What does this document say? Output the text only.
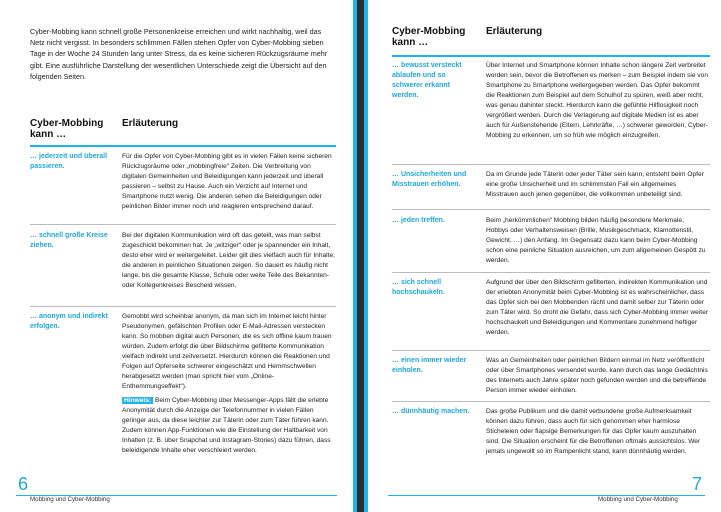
Cyber-Mobbing kann schnell große Personenkreise erreichen und wirkt nachhaltig, weil das Netz nicht vergisst. In besonders schlimmen Fällen stehen Opfer von Cyber-Mobbing sieben Tage in der Woche 24 Stunden lang unter Stress, da es keine sicheren Rückzugsräume mehr gibt. Eine ausführliche Darstellung der wesentlichen Unterschiede zeigt die Übersicht auf den folgenden Seiten.

Cyber-Mobbing kann …
Erläuterung
… jederzeit und überall passieren.
Für die Opfer von Cyber-Mobbing gibt es in vielen Fällen keine sicheren Rückzugsräume oder „mobbingfreie“ Zeiten. Die Verbreitung von digitalen Gemeinheiten und Beleidigungen kann jederzeit und überall passieren – selbst zu Hause. Auch ein Verzicht auf Internet und Smartphone nutzt wenig. Die anderen sehen die Beleidigungen oder peinlichen Bilder immer noch und reagieren entsprechend darauf.
… schnell große Kreise ziehen.
Bei der digitalen Kommunikation wird oft das geteilt, was man selbst zugeschickt bekommen hat. Je „witziger“ oder je spannender ein Inhalt, desto eher wird er weitergeleitet. Leider gilt dies vielfach auch für Inhalte, die anderen in peinlichen Situationen zeigen. So dauert es häufig nicht lange, bis die gesamte Klasse, Schule oder weite Teile des Bekannten- oder Kollegenkreises Bescheid wissen.
… anonym und indirekt erfolgen.
Gemobbt wird scheinbar anonym, da man sich im Internet leicht hinter Pseudonymen, gefälschten Profilen oder E-Mail-Adressen verstecken kann. So mobben digital auch Personen, die es sich offline kaum trauen würden. Zudem erfolgt die über Bildschirme gefilterte Kommunikation vielfach indirekt und zeitversetzt. Hierdurch können die Reaktionen und Folgen auf Opferseite schwerer eingeschätzt und Hemmschwellen herabgesetzt werden (man spricht hier vom „Online-Enthemmungseffekt“).
Hinweis: Beim Cyber-Mobbing über Messenger-Apps fällt die erlebte Anonymität durch die Anzeige der Telefonnummer in vielen Fällen geringer aus, da diese leichter zur Täterin oder zum Täter führen kann. Zudem können App-Funktionen wie die Einstellung der Haltbarkeit von Inhalten (z. B. über Snapchat und Instagram-Stories) dazu führen, dass beleidigende Inhalte eher verschleiert werden.
6
Mobbing und Cyber-Mobbing
Cyber-Mobbing kann …
Erläuterung
… bewusst versteckt ablaufen und so schwerer erkannt werden.
Über Internet und Smartphone können Inhalte schon längere Zeit verbreitet worden sein, bevor die Betroffenen es merken – zum Beispiel indem sie von Smartphone zu Smartphone weitergegeben werden. Das Opfer bekommt die Reaktionen zum Beispiel auf dem Schulhof zu spüren, weiß aber nicht, was genau dahinter steckt. Hierdurch kann die gefühlte Hilflosigkeit noch vergrößert werden. Durch die Verlagerung auf digitale Medien ist es aber auch für Außenstehende (Eltern, Lehrkräfte, …) schwerer geworden, Cyber-Mobbing zu erkennen, um so früh wie möglich einzugreifen.
… Unsicherheiten und Misstrauen erhöhen.
Da im Grunde jede Täterin oder jeder Täter sein kann, entsteht beim Opfer eine große Unsicherheit und im schlimmsten Fall ein allgemeines Misstrauen auch jenen gegenüber, die vollkommen unbeteiligt sind.
… jeden treffen.	Beim „herkömmlichen“ Mobbing bilden häufig besondere Merkmale, Hobbys oder Verhaltensweisen (Brille, Musikgeschmack, Klamottenstil, Gewicht, …) den Anfang. Im Gegensatz dazu kann beim Cyber-Mobbing schon eine peinliche Situation ausreichen, um zum allgemeinen Gespött zu werden.
… sich schnell hochschaukeln.
Aufgrund der über den Bildschirm gefilterten, indirekten Kommunikation und der erlebten Anonymität beim Cyber-Mobbing ist es wahrscheinlicher, dass das Opfer sich bei den Mobbenden rächt und damit selber zur Täterin oder zum Täter wird. So droht die Gefahr, dass sich Cyber-Mobbing immer weiter hochschaukelt und Beleidigungen und Kommentare zunehmend heftiger werden.
… einen immer wieder einholen.
Was an Gemeinheiten oder peinlichen Bildern einmal im Netz veröffentlicht oder über Smartphones versendet wurde, kann durch das lange Gedächtnis des Internets auch Jahre später noch gefunden werden und die betreffende Person immer wieder einholen.
… dünnhäutig machen.	Das große Publikum und die damit verbundene große Aufmerksamkeit können dazu führen, dass auch für sich genommen eher harmlose Sticheleien oder flapsige Bemerkungen für das Opfer kaum auszuhalten sind. Die Situation erscheint für die Betroffenen oftmals aussichtslos. Wer jemals ungewollt so im Rampenlicht stand, kann dünnhäutig werden.
Mobbing und Cyber-Mobbing
7
